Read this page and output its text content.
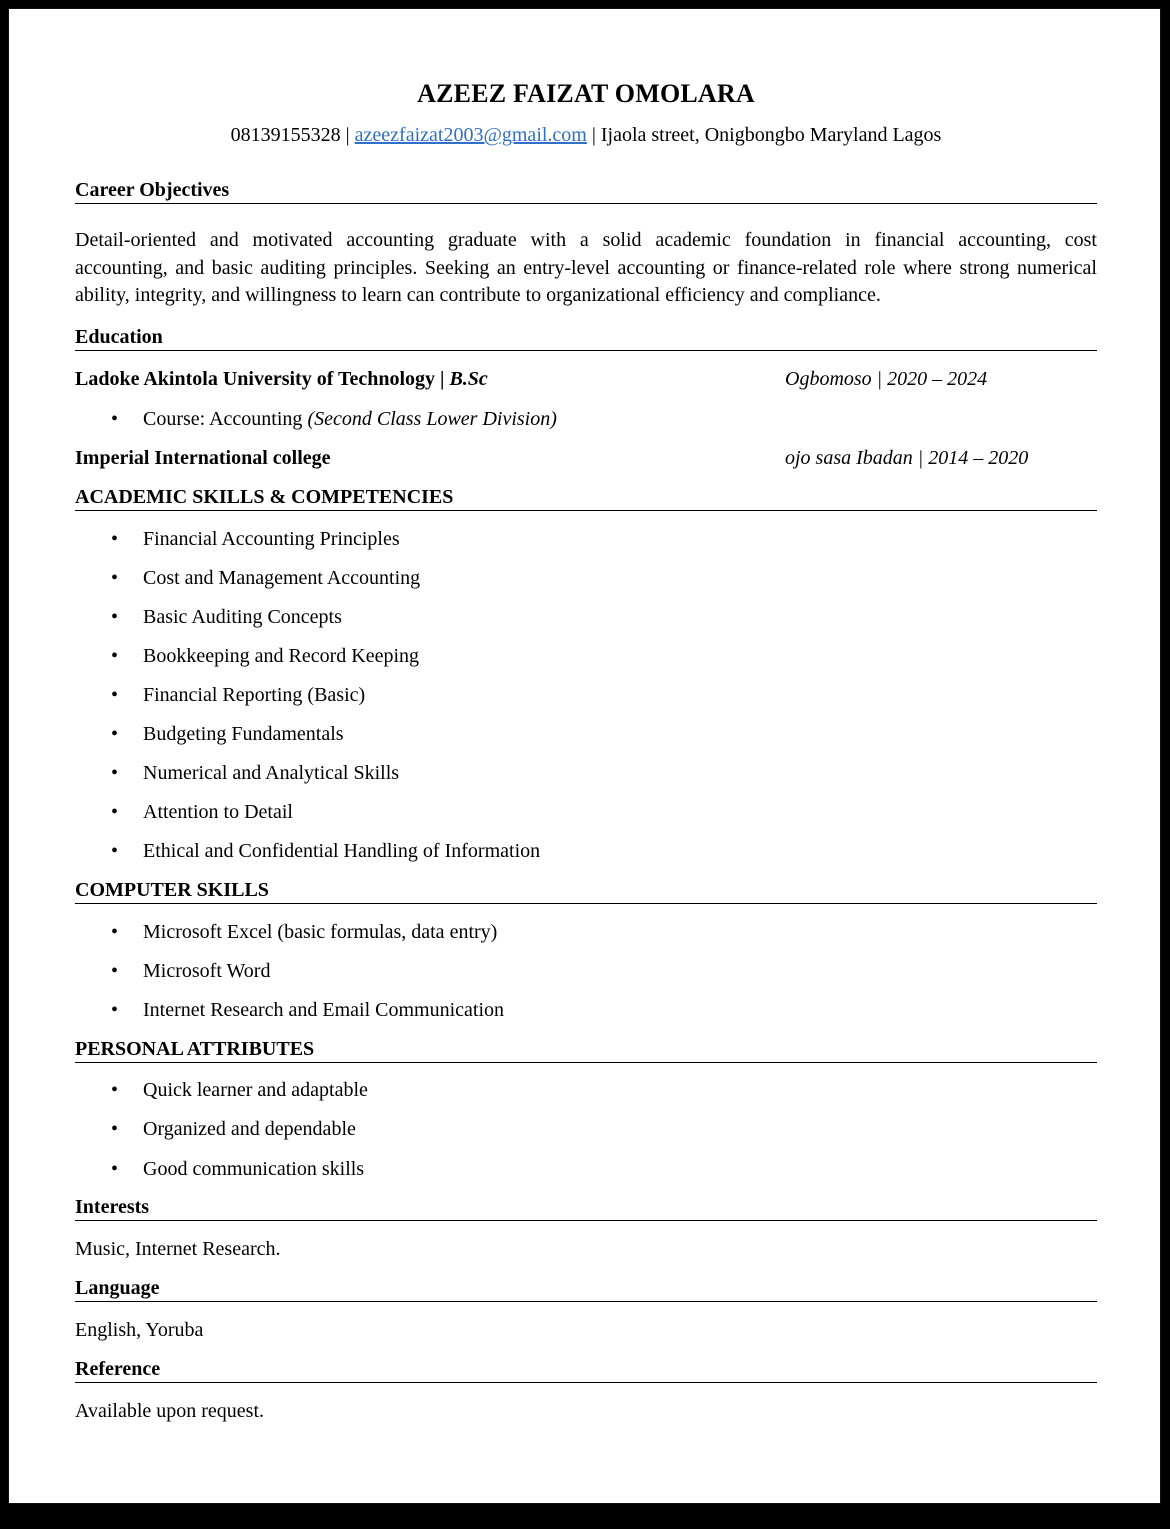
AZEEZ FAIZAT OMOLARA
08139155328 | azeezfaizat2003@gmail.com | Ijaola street, Onigbongbo Maryland Lagos
Career Objectives
Detail-oriented and motivated accounting graduate with a solid academic foundation in financial accounting, cost
accounting, and basic auditing principles. Seeking an entry-level accounting or finance-related role where strong numerical
ability, integrity, and willingness to learn can contribute to organizational efficiency and compliance.
Education
Ladoke Akintola University of Technology | B.Sc	Ogbomoso | 2020 – 2024
• Course: Accounting (Second Class Lower Division)
Imperial International college	ojo sasa Ibadan | 2014 – 2020
ACADEMIC SKILLS & COMPETENCIES
• Financial Accounting Principles
• Cost and Management Accounting
• Basic Auditing Concepts
• Bookkeeping and Record Keeping
• Financial Reporting (Basic)
• Budgeting Fundamentals
• Numerical and Analytical Skills
• Attention to Detail
• Ethical and Confidential Handling of Information
COMPUTER SKILLS
• Microsoft Excel (basic formulas, data entry)
• Microsoft Word
• Internet Research and Email Communication
PERSONAL ATTRIBUTES
• Quick learner and adaptable
• Organized and dependable
• Good communication skills
Interests
Music, Internet Research.
Language
English, Yoruba
Reference
Available upon request.
